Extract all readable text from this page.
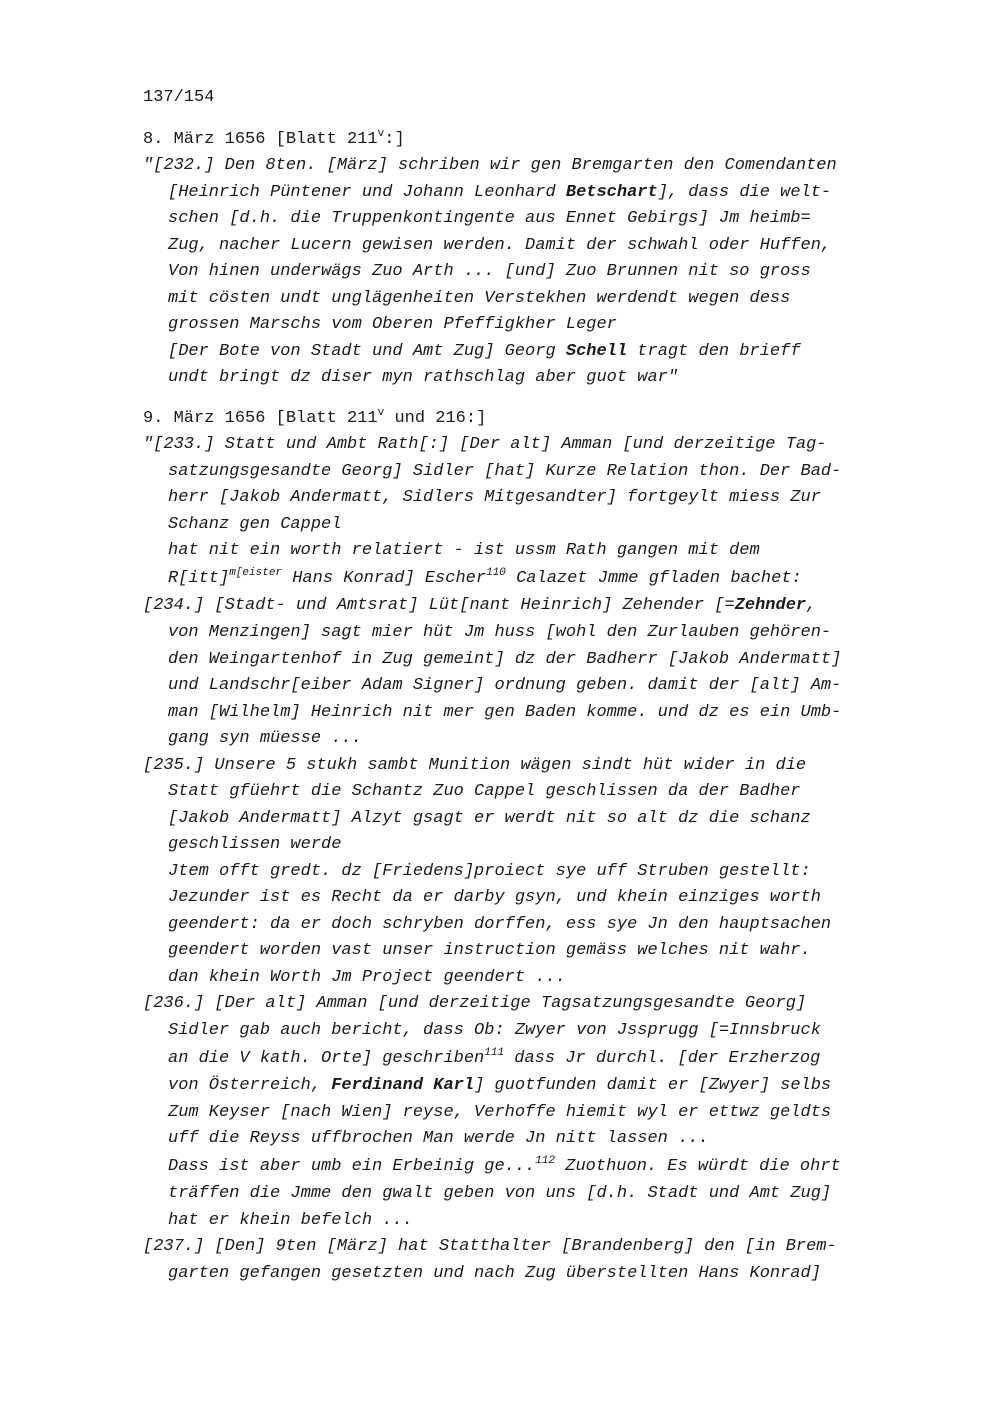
137/154
8. März 1656 [Blatt 211$^v$:]
"[232.] Den 8ten. [März] schriben wir gen Bremgarten den Comendanten
[Heinrich Püntener und Johann Leonhard Betschart], dass die welt-
schen [d.h. die Truppenkontingente aus Ennet Gebirgs] Jm heimb=
Zug, nacher Lucern gewisen werden. Damit der schwahl oder Huffen,
Von hinen underwägs Zuo Arth ... [und] Zuo Brunnen nit so gross
mit cösten undt unglägenheiten Verstekhen werdendt wegen dess
grossen Marschs vom Oberen Pfeffigkher Leger
[Der Bote von Stadt und Amt Zug] Georg Schell tragt den brieff
undt bringt dz diser myn rathschlag aber guot war"
9. März 1656 [Blatt 211$^v$ und 216:]
"[233.] Statt und Ambt Rath[:] [Der alt] Amman [und derzeitige Tag-
satzungsgesandte Georg] Sidler [hat] Kurze Relation thon. Der Bad-
herr [Jakob Andermatt, Sidlers Mitgesandter] fortgeylt miess Zur
Schanz gen Cappel
hat nit ein worth relatiert - ist ussm Rath gangen mit dem
R[itt]$^{m[eister}$ Hans Konrad] Escher$^{110}$ Calazet Jmme gfladen bachet:
[234.] [Stadt- und Amtsrat] Lüt[nant Heinrich] Zehender [=Zehnder,
von Menzingen] sagt mier hüt Jm huss [wohl den Zurlauben gehören-
den Weingartenhof in Zug gemeint] dz der Badherr [Jakob Andermatt]
und Landschr[eiber Adam Signer] ordnung geben. damit der [alt] Am-
man [Wilhelm] Heinrich nit mer gen Baden komme. und dz es ein Umb-
gang syn müesse ...
[235.] Unsere 5 stukh sambt Munition wägen sindt hüt wider in die
Statt gfüehrt die Schantz Zuo Cappel geschlissen da der Badher
[Jakob Andermatt] Alzyt gsagt er werdt nit so alt dz die schanz
geschlissen werde
Jtem offt gredt. dz [Friedens]proiect sye uff Struben gestellt:
Jezunder ist es Recht da er darby gsyn, und khein einziges worth
geendert: da er doch schryben dorffen, ess sye Jn den hauptsachen
geendert worden vast unser instruction gemäss welches nit wahr.
dan khein Worth Jm Project geendert ...
[236.] [Der alt] Amman [und derzeitige Tagsatzungsgesandte Georg]
Sidler gab auch bericht, dass Ob: Zwyer von Jssprugg [=Innsbruck
an die V kath. Orte] geschriben$^{111}$ dass Jr durchl. [der Erzherzog
von Österreich, Ferdinand Karl] guotfunden damit er [Zwyer] selbs
Zum Keyser [nach Wien] reyse, Verhoffe hiemit wyl er ettwz geldts
uff die Reyss uffbrochen Man werde Jn nitt lassen ...
Dass ist aber umb ein Erbeinig ge...$^{112}$ Zuothuon. Es würdt die ohrt
träffen die Jmme den gwalt geben von uns [d.h. Stadt und Amt Zug]
hat er khein befelch ...
[237.] [Den] 9ten [März] hat Statthalter [Brandenberg] den [in Brem-
garten gefangen gesetzten und nach Zug überstellten Hans Konrad]
